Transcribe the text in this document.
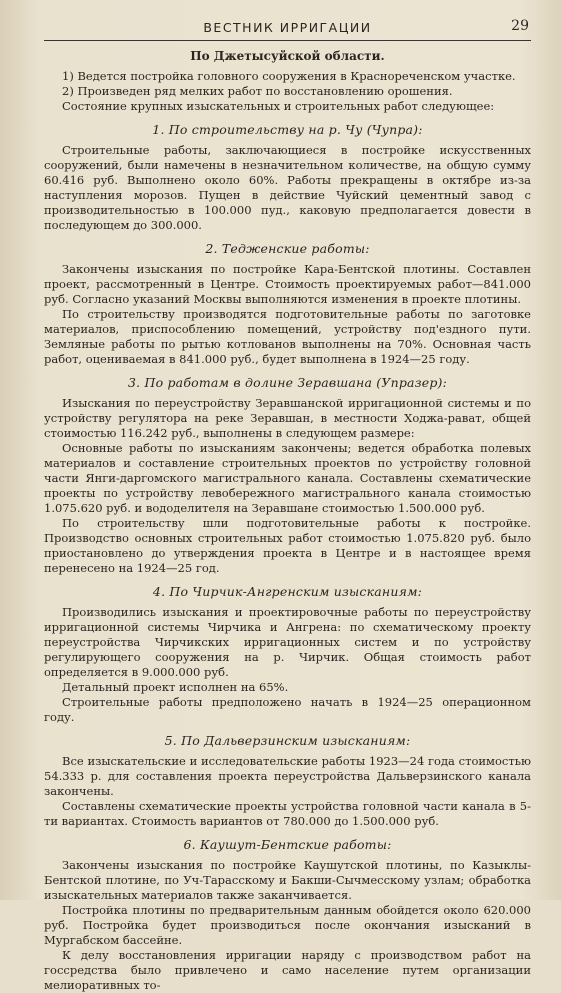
ВЕСТНИК ИРРИГАЦИИ	29
По Джетысуйской области.

1) Ведется постройка головного сооружения в Краснореченском участке.

2) Произведен ряд мелких работ по восстановлению орошения.

Состояние крупных изыскательных и строительных работ следующее:

1. По строительству на р. Чу (Чупра):

Строительные работы, заключающиеся в постройке искусственных сооружений, были намечены в незначительном количестве, на общую сумму 60.416 руб. Выполнено около 60%. Работы прекращены в октябре из-за наступления морозов. Пущен в действие Чуйский цементный завод с производительностью в 100.000 пуд., каковую предполагается довести в последующем до 300.000.

2. Теджeнские работы:

Закончены изыскания по постройке Кара-Бентской плотины. Составлен проект, рассмотренный в Центре. Стоимость проектируемых работ—841.000 руб. Согласно указаний Москвы выполняются изменения в проекте плотины.

По строительству производятся подготовительные работы по заготовке материалов, приспособлению помещений, устройству под'ездного пути. Земляные работы по рытью котлованов выполнены на 70%. Основная часть работ, оцениваемая в 841.000 руб., будет выполнена в 1924—25 году.

3. По работам в долине Зеравшана (Упразер):

Изыскания по переустройству Зеравшанской ирригационной системы и по устройству регулятора на реке Зеравшан, в местности Ходжа-рават, общей стоимостью 116.242 руб., выполнены в следующем размере:

Основные работы по изысканиям закончены; ведется обработка полевых материалов и составление строительных проектов по устройству головной части Янги-даргомского магистрального канала. Составлены схематические проекты по устройству левобережного магистрального канала стоимостью 1.075.620 руб. и вододелителя на Зеравшане стоимостью 1.500.000 руб.

По строительству шли подготовительные работы к постройке. Производство основных строительных работ стоимостью 1.075.820 руб. было приостановлено до утверждения проекта в Центре и в настоящее время перенесено на 1924—25 год.

4. По Чирчик-Ангренским изысканиям:

Производились изыскания и проектировочные работы по переустройству ирригационной системы Чирчика и Ангрена: по схематическому проекту переустройства Чирчикских ирригационных систем и по устройству регулирующего сооружения на р. Чирчик. Общая стоимость работ определяется в 9.000.000 руб.

Детальный проект исполнен на 65%.

Строительные работы предположено начать в 1924—25 операционном году.

5. По Дальверзинским изысканиям:

Все изыскательские и исследовательские работы 1923—24 года стоимостью 54.333 р. для составления проекта переустройства Дальверзинского канала закончены.

Составлены схематические проекты устройства головной части канала в 5-ти вариантах. Стоимость вариантов от 780.000 до 1.500.000 руб.

6. Каушут-Бентские работы:

Закончены изыскания по постройке Каушутской плотины, по Казыклы-Бентской плотине, по Уч-Тарасскому и Бакши-Сычмесскому узлам; обработка изыскательных материалов также заканчивается.

Постройка плотины по предварительным данным обойдется около 620.000 руб. Постройка будет производиться после окончания изысканий в Мургабском бассейне.

К делу восстановления ирригации наряду с производством работ на госсредства было привлечено и само население путем организации мелиоративных то-
